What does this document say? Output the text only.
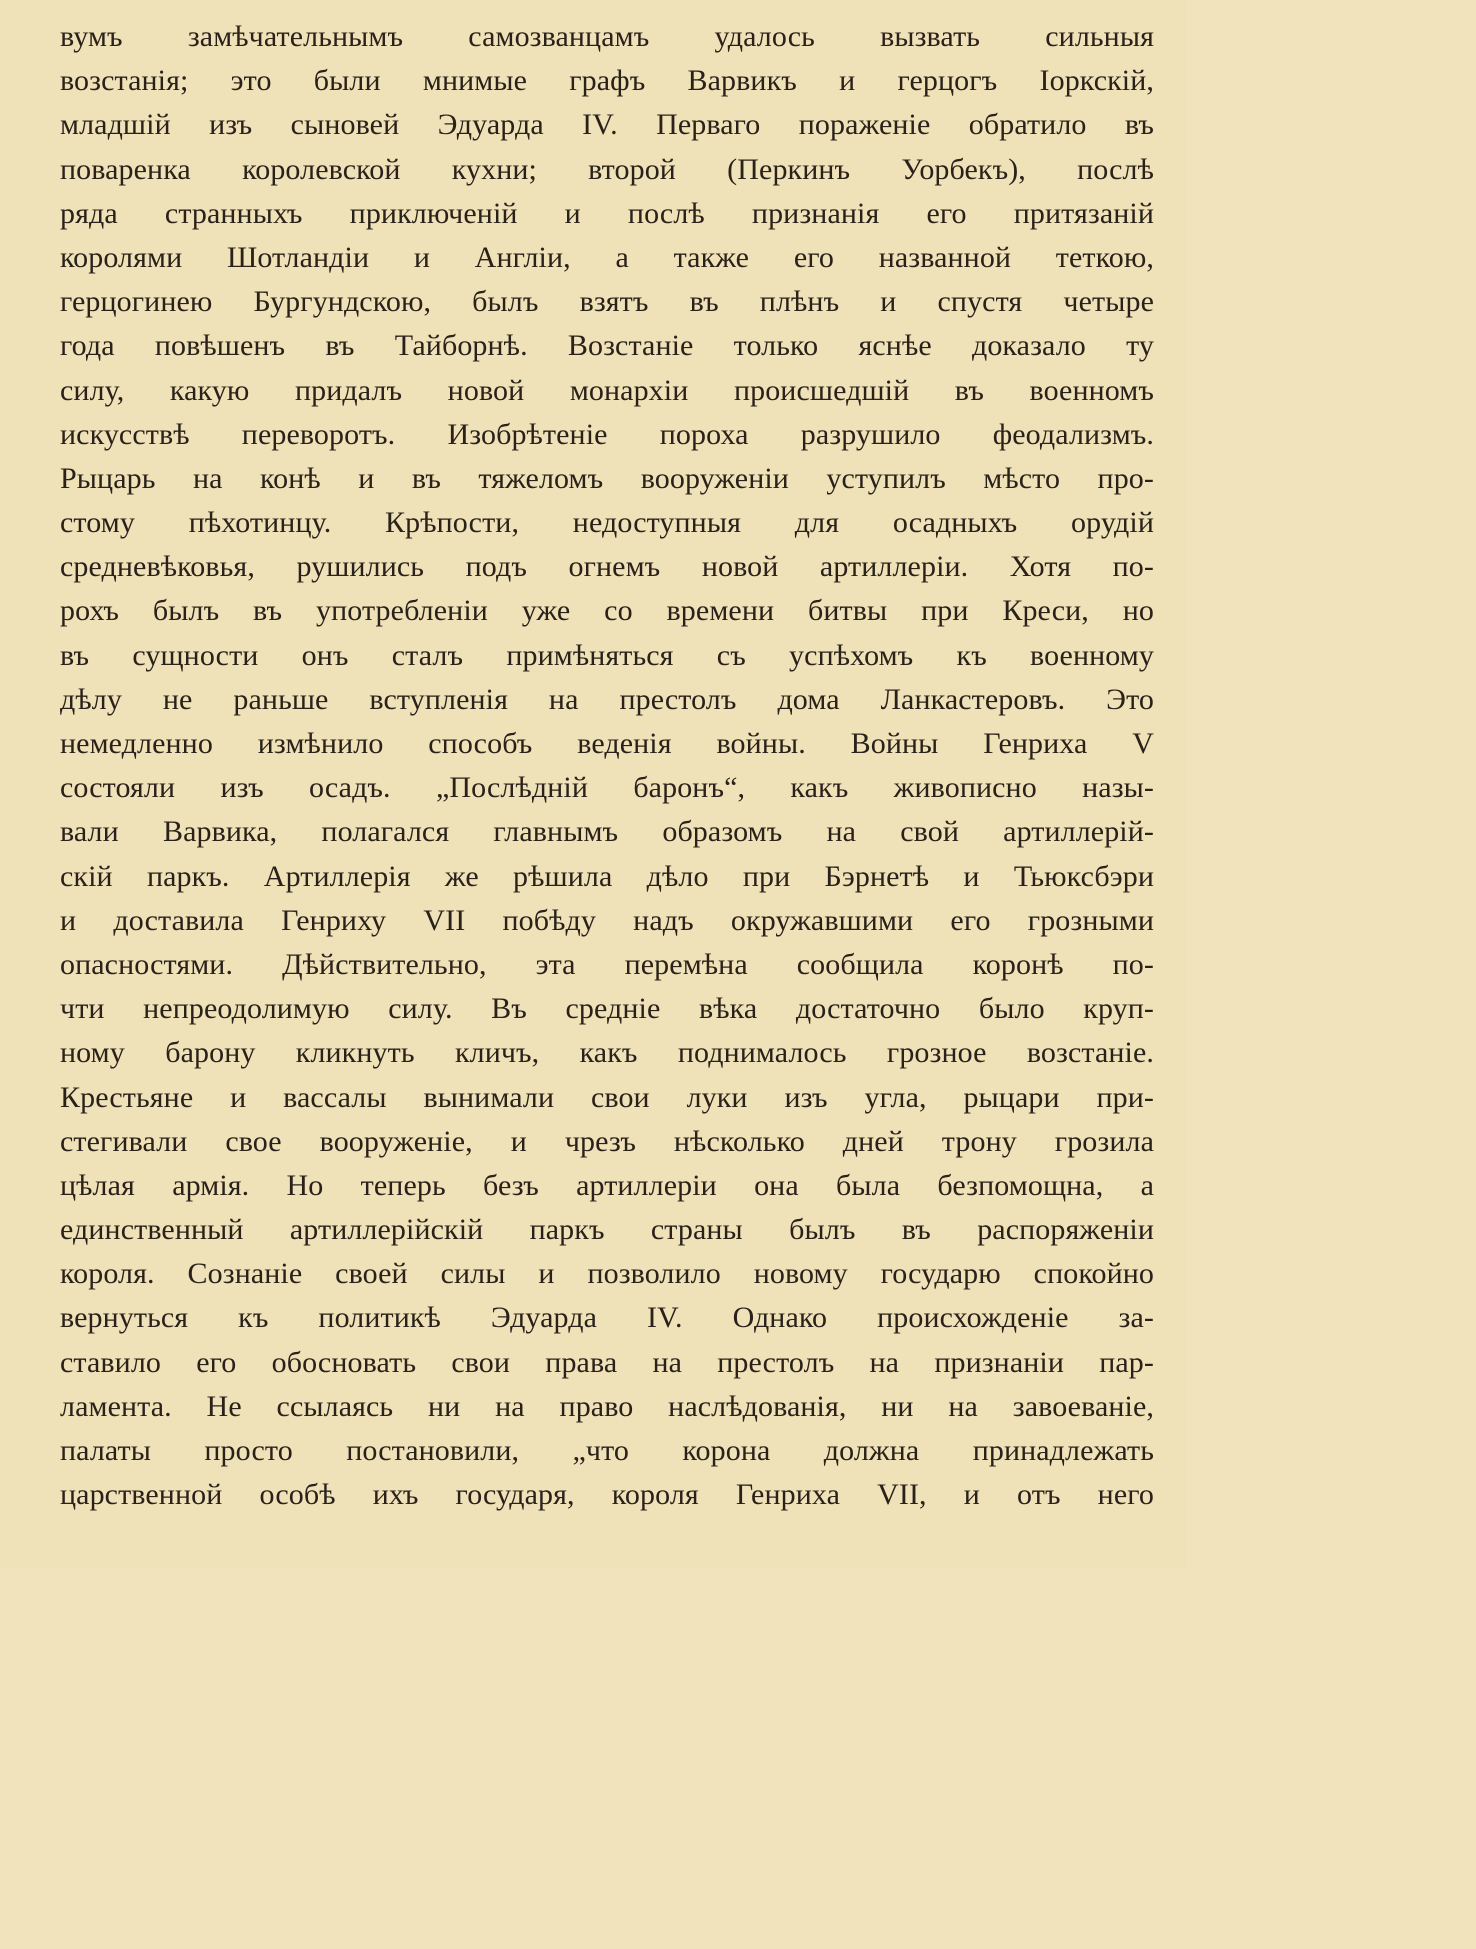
вумъ замѣчательнымъ самозванцамъ удалось вызвать сильныя
возстанія; это были мнимые графъ Варвикъ и герцогъ Іоркскій,
младшій изъ сыновей Эдуарда IV. Перваго пораженіе обратило въ
поваренка королевской кухни; второй (Перкинъ Уорбекъ), послѣ
ряда странныхъ приключеній и послѣ признанія его притязаній
королями Шотландіи и Англіи, а также его названной теткою,
герцогинею Бургундскою, былъ взятъ въ плѣнъ и спустя четыре
года повѣшенъ въ Тайборнѣ. Возстаніе только яснѣе доказало ту
силу, какую придалъ новой монархіи происшедшій въ военномъ
искусствѣ переворотъ. Изобрѣтеніе пороха разрушило феодализмъ.
Рыцарь на конѣ и въ тяжеломъ вооруженіи уступилъ мѣсто про-
стому пѣхотинцу. Крѣпости, недоступныя для осадныхъ орудій
средневѣковья, рушились подъ огнемъ новой артиллеріи. Хотя по-
рохъ былъ въ употребленіи уже со времени битвы при Креси, но
въ сущности онъ сталъ примѣняться съ успѣхомъ къ военному
дѣлу не раньше вступленія на престолъ дома Ланкастеровъ. Это
немедленно измѣнило способъ веденія войны. Войны Генриха V
состояли изъ осадъ. „Послѣдній баронъ“, какъ живописно назы-
вали Варвика, полагался главнымъ образомъ на свой артиллерій-
скій паркъ. Артиллерія же рѣшила дѣло при Бэрнетѣ и Тьюксбэри
и доставила Генриху VII побѣду надъ окружавшими его грозными
опасностями. Дѣйствительно, эта перемѣна сообщила коронѣ по-
чти непреодолимую силу. Въ средніе вѣка достаточно было круп-
ному барону кликнуть кличъ, какъ поднималось грозное возстаніе.
Крестьяне и вассалы вынимали свои луки изъ угла, рыцари при-
стегивали свое вооруженіе, и чрезъ нѣсколько дней трону грозила
цѣлая армія. Но теперь безъ артиллеріи она была безпомощна, а
единственный артиллерійскій паркъ страны былъ въ распоряженіи
короля. Сознаніе своей силы и позволило новому государю спокойно
вернуться къ политикѣ Эдуарда IV. Однако происхожденіе за-
ставило его обосновать свои права на престолъ на признаніи пар-
ламента. Не ссылаясь ни на право наслѣдованія, ни на завоеваніе,
палаты просто постановили, „что корона должна принадлежать
царственной особѣ ихъ государя, короля Генриха VII, и отъ него
